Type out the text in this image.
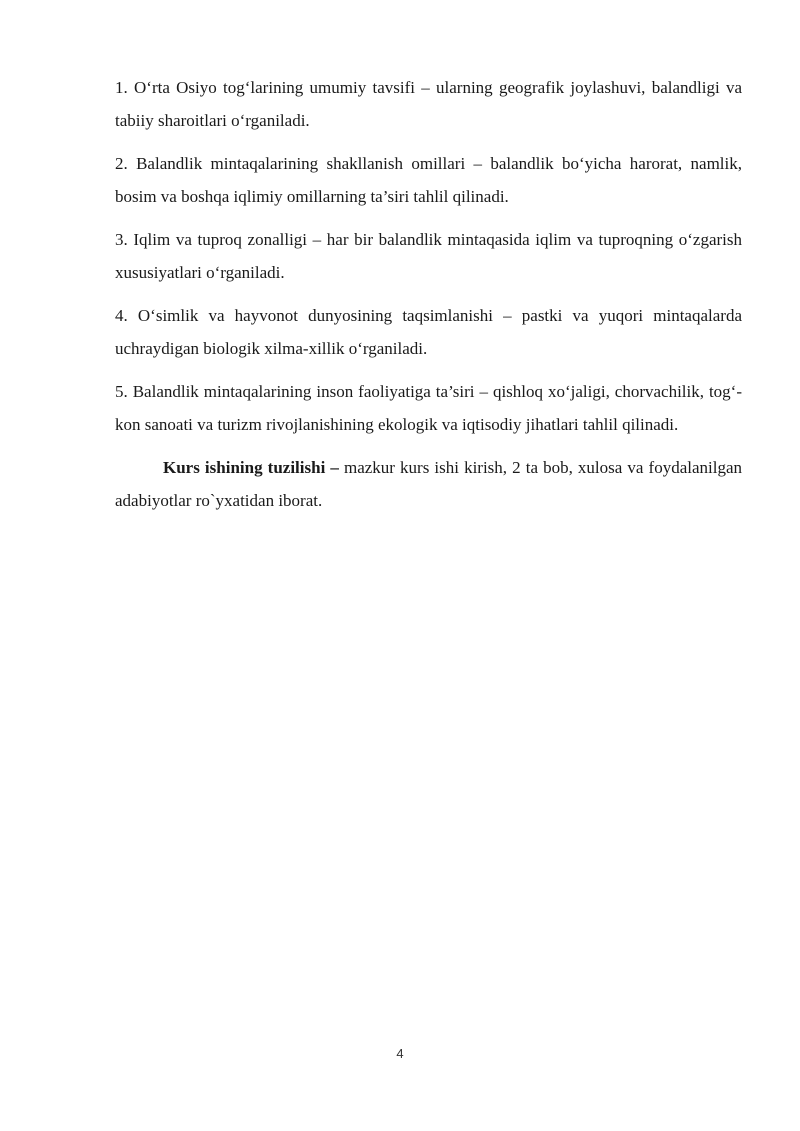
1. O‘rta Osiyo tog‘larining umumiy tavsifi – ularning geografik joylashuvi, balandligi va tabiiy sharoitlari o‘rganiladi.

2. Balandlik mintaqalarining shakllanish omillari – balandlik bo‘yicha harorat, namlik, bosim va boshqa iqlimiy omillarning ta’siri tahlil qilinadi.

3. Iqlim va tuproq zonalligi – har bir balandlik mintaqasida iqlim va tuproqning o‘zgarish xususiyatlari o‘rganiladi.

4. O‘simlik va hayvonot dunyosining taqsimlanishi – pastki va yuqori mintaqalarda uchraydigan biologik xilma-xillik o‘rganiladi.

5. Balandlik mintaqalarining inson faoliyatiga ta’siri – qishloq xo‘jaligi, chorvachilik, tog‘-kon sanoati va turizm rivojlanishining ekologik va iqtisodiy jihatlari tahlil qilinadi.

Kurs ishining tuzilishi – mazkur kurs ishi kirish, 2 ta bob, xulosa va foydalanilgan adabiyotlar ro`yxatidan iborat.

4
